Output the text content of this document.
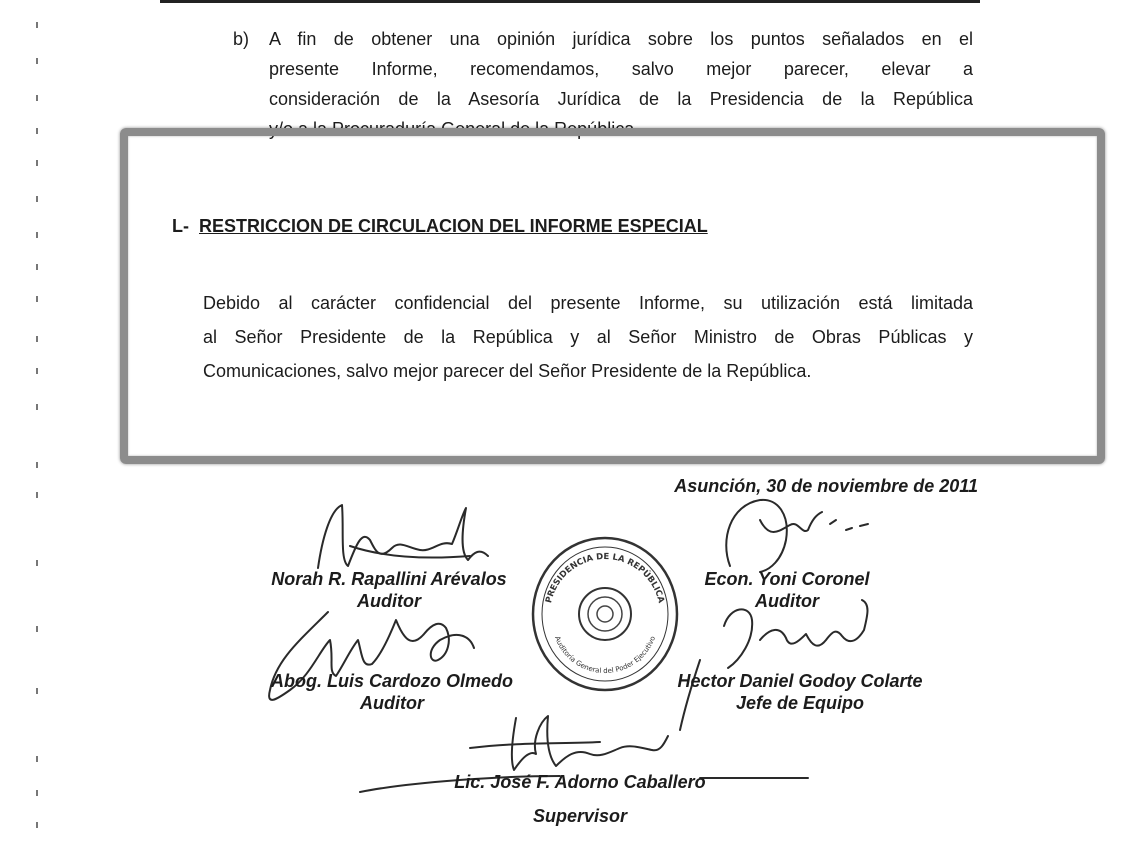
b)	A fin de obtener una opinión jurídica sobre los puntos señalados en el
presente Informe, recomendamos, salvo mejor parecer, elevar a
consideración de la Asesoría Jurídica de la Presidencia de la República
y/o a la Procuraduría General de la República.
L- RESTRICCION DE CIRCULACION DEL INFORME ESPECIAL
Debido al carácter confidencial del presente Informe, su utilización está limitada
al Señor Presidente de la República y al Señor Ministro de Obras Públicas y
Comunicaciones, salvo mejor parecer del Señor Presidente de la República.
Asunción, 30 de noviembre de 2011
PRESIDENCIA DE LA REPÚBLICA
Auditoría General del Poder Ejecutivo
Norah R. Rapallini Arévalos
Auditor
Econ. Yoni Coronel
Auditor
Abog. Luis Cardozo Olmedo
Auditor
Hector Daniel Godoy Colarte
Jefe de Equipo
Lic. José F. Adorno Caballero
Supervisor
